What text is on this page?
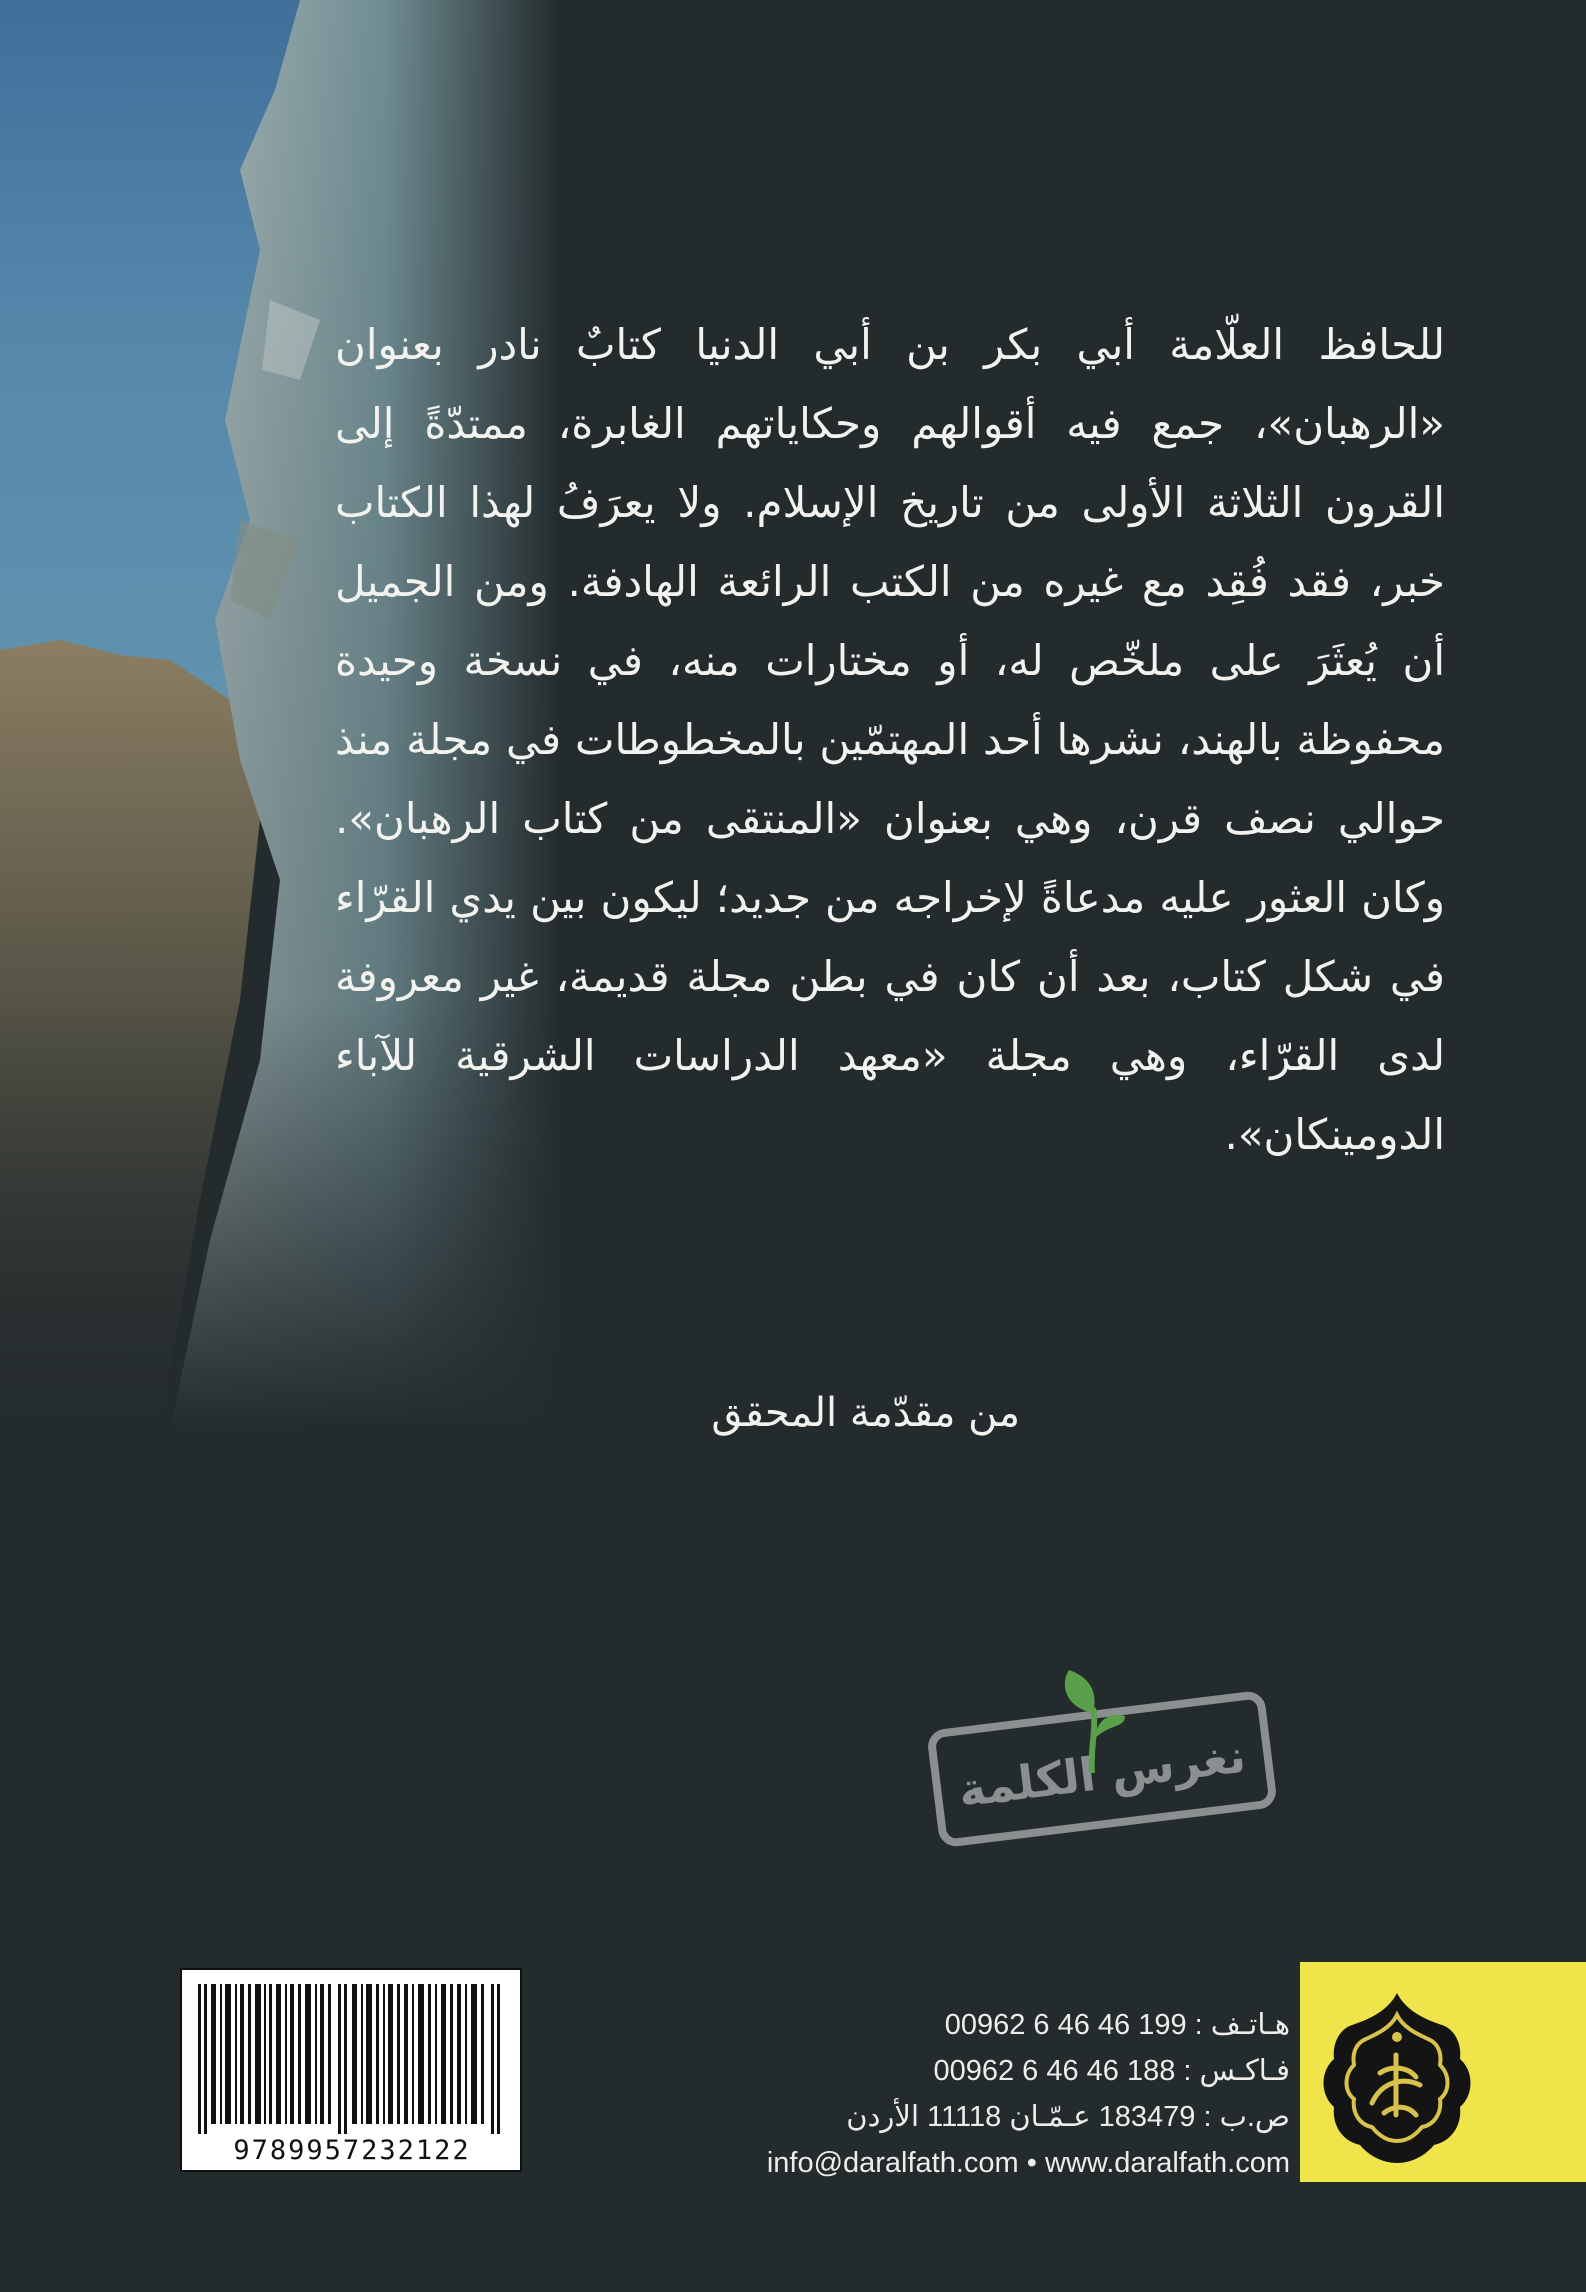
للحافظ العلّامة أبي بكر بن أبي الدنيا كتابٌ نادر بعنوان «الرهبان»، جمع فيه أقوالهم وحكاياتهم الغابرة، ممتدّةً إلى القرون الثلاثة الأولى من تاريخ الإسلام. ولا يعرَفُ لهذا الكتاب خبر، فقد فُقِد مع غيره من الكتب الرائعة الهادفة. ومن الجميل أن يُعثَرَ على ملخّص له، أو مختارات منه، في نسخة وحيدة محفوظة بالهند، نشرها أحد المهتمّين بالمخطوطات في مجلة منذ حوالي نصف قرن، وهي بعنوان «المنتقى من كتاب الرهبان». وكان العثور عليه مدعاةً لإخراجه من جديد؛ ليكون بين يدي القرّاء في شكل كتاب، بعد أن كان في بطن مجلة قديمة، غير معروفة لدى القرّاء، وهي مجلة «معهد الدراسات الشرقية للآباء الدومينكان».
من مقدّمة المحقق
نغرس الكلمة
9789957232122
هـاتـف : 00962 6 46 46 199
فـاكـس : 00962 6 46 46 188
ص.ب : 183479 عـمّـان 11118 الأردن
info@daralfath.com • www.daralfath.com
